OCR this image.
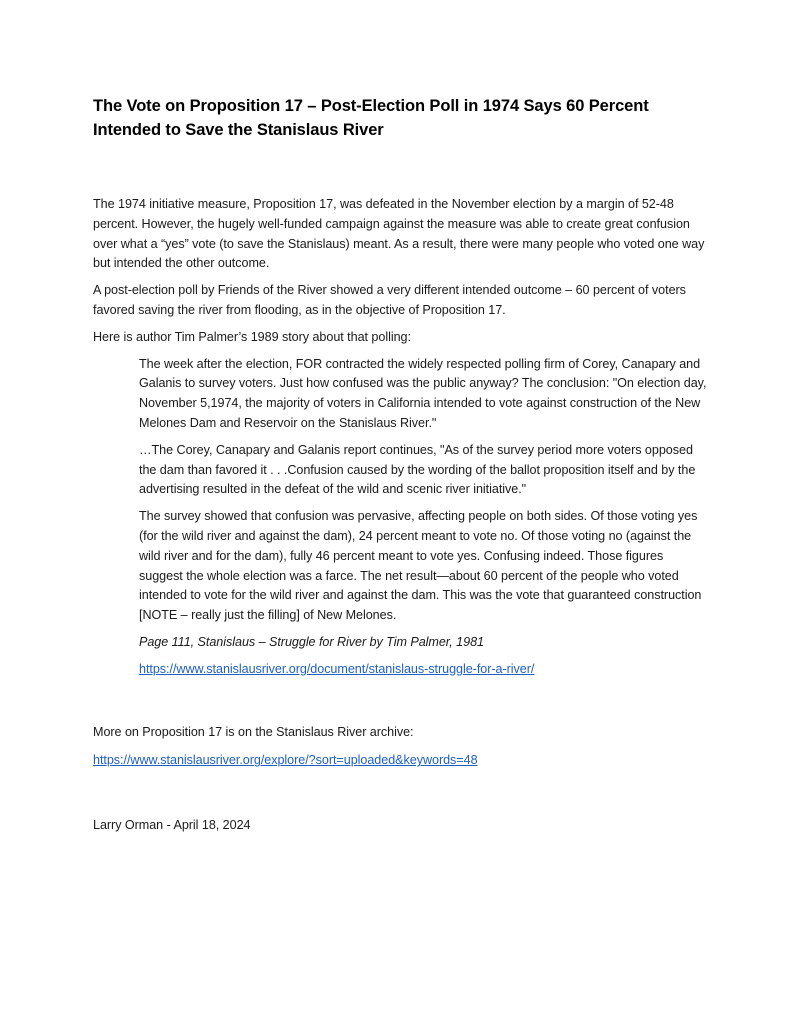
The Vote on Proposition 17 – Post-Election Poll in 1974 Says 60 Percent Intended to Save the Stanislaus River

The 1974 initiative measure, Proposition 17, was defeated in the November election by a margin of 52-48 percent. However, the hugely well-funded campaign against the measure was able to create great confusion over what a “yes” vote (to save the Stanislaus) meant. As a result, there were many people who voted one way but intended the other outcome.

A post-election poll by Friends of the River showed a very different intended outcome – 60 percent of voters favored saving the river from flooding, as in the objective of Proposition 17.

Here is author Tim Palmer’s 1989 story about that polling:

The week after the election, FOR contracted the widely respected polling firm of Corey, Canapary and Galanis to survey voters. Just how confused was the public anyway? The conclusion: "On election day, November 5,1974, the majority of voters in California intended to vote against construction of the New Melones Dam and Reservoir on the Stanislaus River."

…The Corey, Canapary and Galanis report continues, "As of the survey period more voters opposed the dam than favored it . . .Confusion caused by the wording of the ballot proposition itself and by the advertising resulted in the defeat of the wild and scenic river initiative."

The survey showed that confusion was pervasive, affecting people on both sides. Of those voting yes (for the wild river and against the dam), 24 percent meant to vote no. Of those voting no (against the wild river and for the dam), fully 46 percent meant to vote yes. Confusing indeed. Those figures suggest the whole election was a farce. The net result—about 60 percent of the people who voted intended to vote for the wild river and against the dam. This was the vote that guaranteed construction [NOTE – really just the filling] of New Melones.

Page 111, Stanislaus – Struggle for River by Tim Palmer, 1981

https://www.stanislausriver.org/document/stanislaus-struggle-for-a-river/

More on Proposition 17 is on the Stanislaus River archive:

https://www.stanislausriver.org/explore/?sort=uploaded&keywords=48

Larry Orman - April 18, 2024
